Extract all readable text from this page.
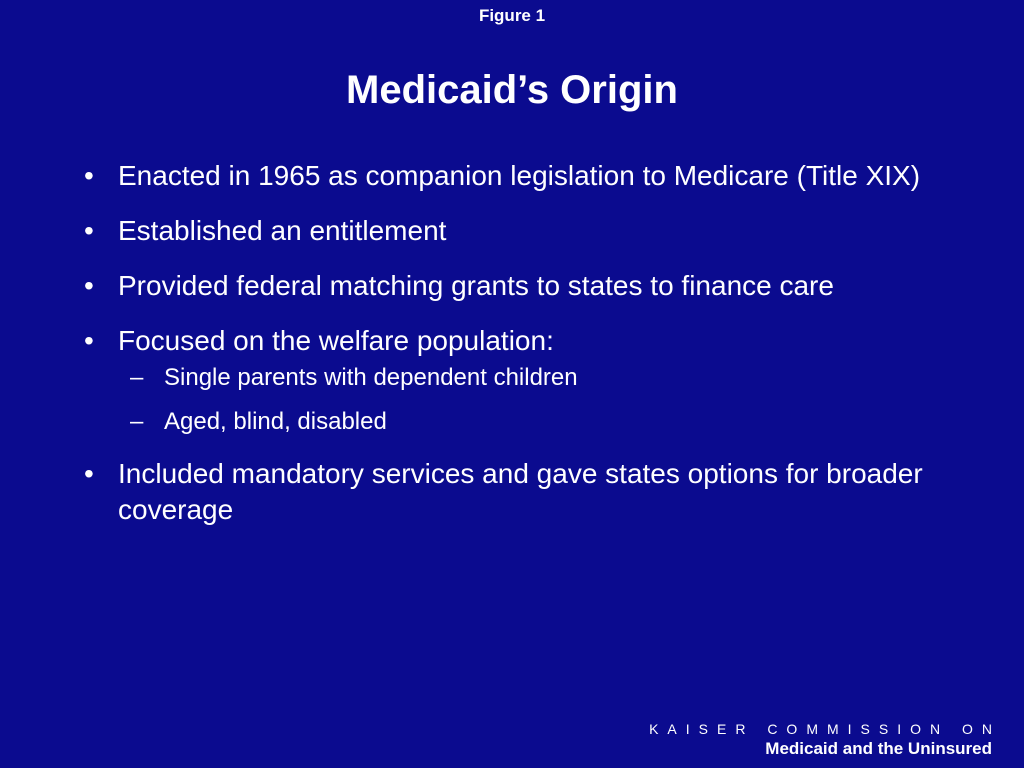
Figure 1
Medicaid’s Origin
• Enacted in 1965 as companion legislation to Medicare (Title XIX)
• Established an entitlement
• Provided federal matching grants to states to finance care
• Focused on the welfare population:
– Single parents with dependent children
– Aged, blind, disabled
• Included mandatory services and gave states options for broader coverage
KAISER COMMISSION ON
Medicaid and the Uninsured
